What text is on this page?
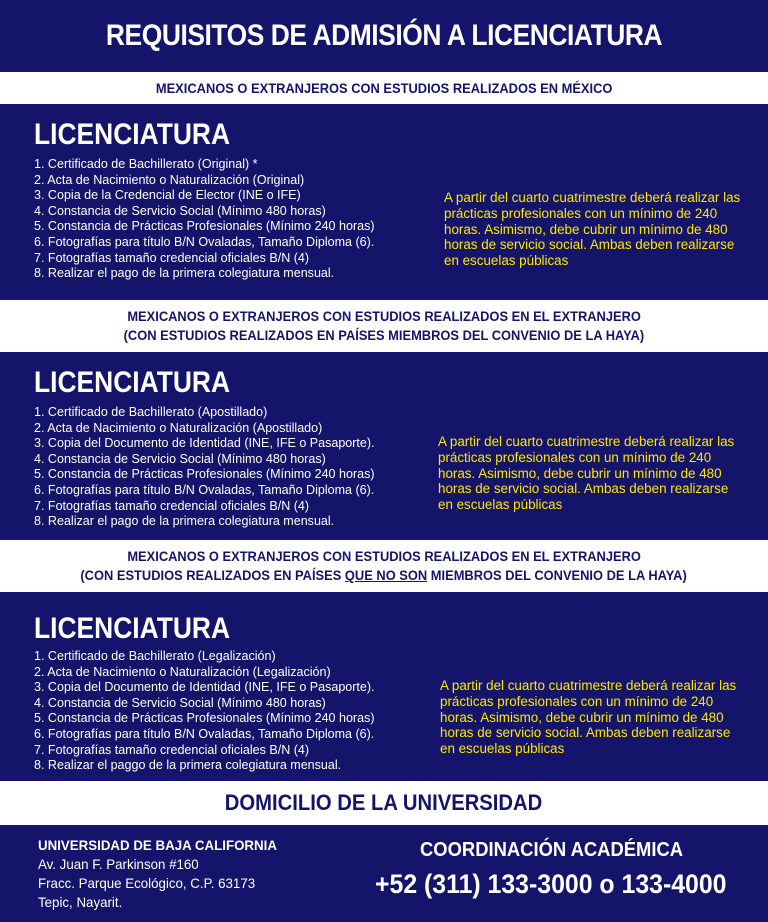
REQUISITOS DE ADMISIÓN A LICENCIATURA
MEXICANOS O EXTRANJEROS CON ESTUDIOS REALIZADOS EN MÉXICO
LICENCIATURA
1. Certificado de Bachillerato (Original) *
2. Acta de Nacimiento o Naturalización (Original)
3. Copia de la Credencial de Elector (INE o IFE)
4. Constancia de Servicio Social (Mínimo 480 horas)
5. Constancia de Prácticas Profesionales (Mínimo 240 horas)
6. Fotografías para título B/N Ovaladas, Tamaño Diploma (6).
7. Fotografías tamaño credencial oficiales B/N (4)
8. Realizar el pago de la primera colegiatura mensual.

A partir del cuarto cuatrimestre deberá realizar las prácticas profesionales con un mínimo de 240 horas. Asimismo, debe cubrir un mínimo de 480 horas de servicio social. Ambas deben realizarse en escuelas públicas

MEXICANOS O EXTRANJEROS CON ESTUDIOS REALIZADOS EN EL EXTRANJERO
(CON ESTUDIOS REALIZADOS EN PAÍSES MIEMBROS DEL CONVENIO DE LA HAYA)
LICENCIATURA
1. Certificado de Bachillerato (Apostillado)
2. Acta de Nacimiento o Naturalización (Apostillado)
3. Copia del Documento de Identidad (INE, IFE o Pasaporte).
4. Constancia de Servicio Social (Mínimo 480 horas)
5. Constancia de Prácticas Profesionales (Mínimo 240 horas)
6. Fotografías para título B/N Ovaladas, Tamaño Diploma (6).
7. Fotografías tamaño credencial oficiales B/N (4)
8. Realizar el pago de la primera colegiatura mensual.

A partir del cuarto cuatrimestre deberá realizar las prácticas profesionales con un mínimo de 240 horas. Asimismo, debe cubrir un mínimo de 480 horas de servicio social. Ambas deben realizarse en escuelas públicas

MEXICANOS O EXTRANJEROS CON ESTUDIOS REALIZADOS EN EL EXTRANJERO
(CON ESTUDIOS REALIZADOS EN PAÍSES QUE NO SON MIEMBROS DEL CONVENIO DE LA HAYA)
LICENCIATURA
1. Certificado de Bachillerato (Legalización)
2. Acta de Nacimiento o Naturalización (Legalización)
3. Copia del Documento de Identidad (INE, IFE o Pasaporte).
4. Constancia de Servicio Social (Mínimo 480 horas)
5. Constancia de Prácticas Profesionales (Mínimo 240 horas)
6. Fotografías para título B/N Ovaladas, Tamaño Diploma (6).
7. Fotografías tamaño credencial oficiales B/N (4)
8. Realizar el paggo de la primera colegiatura mensual.

A partir del cuarto cuatrimestre deberá realizar las prácticas profesionales con un mínimo de 240 horas. Asimismo, debe cubrir un mínimo de 480 horas de servicio social. Ambas deben realizarse en escuelas públicas

DOMICILIO DE LA UNIVERSIDAD
UNIVERSIDAD DE BAJA CALIFORNIA
Av. Juan F. Parkinson #160
Fracc. Parque Ecológico, C.P. 63173
Tepic, Nayarit.
COORDINACIÓN ACADÉMICA
+52 (311) 133-3000 o 133-4000
